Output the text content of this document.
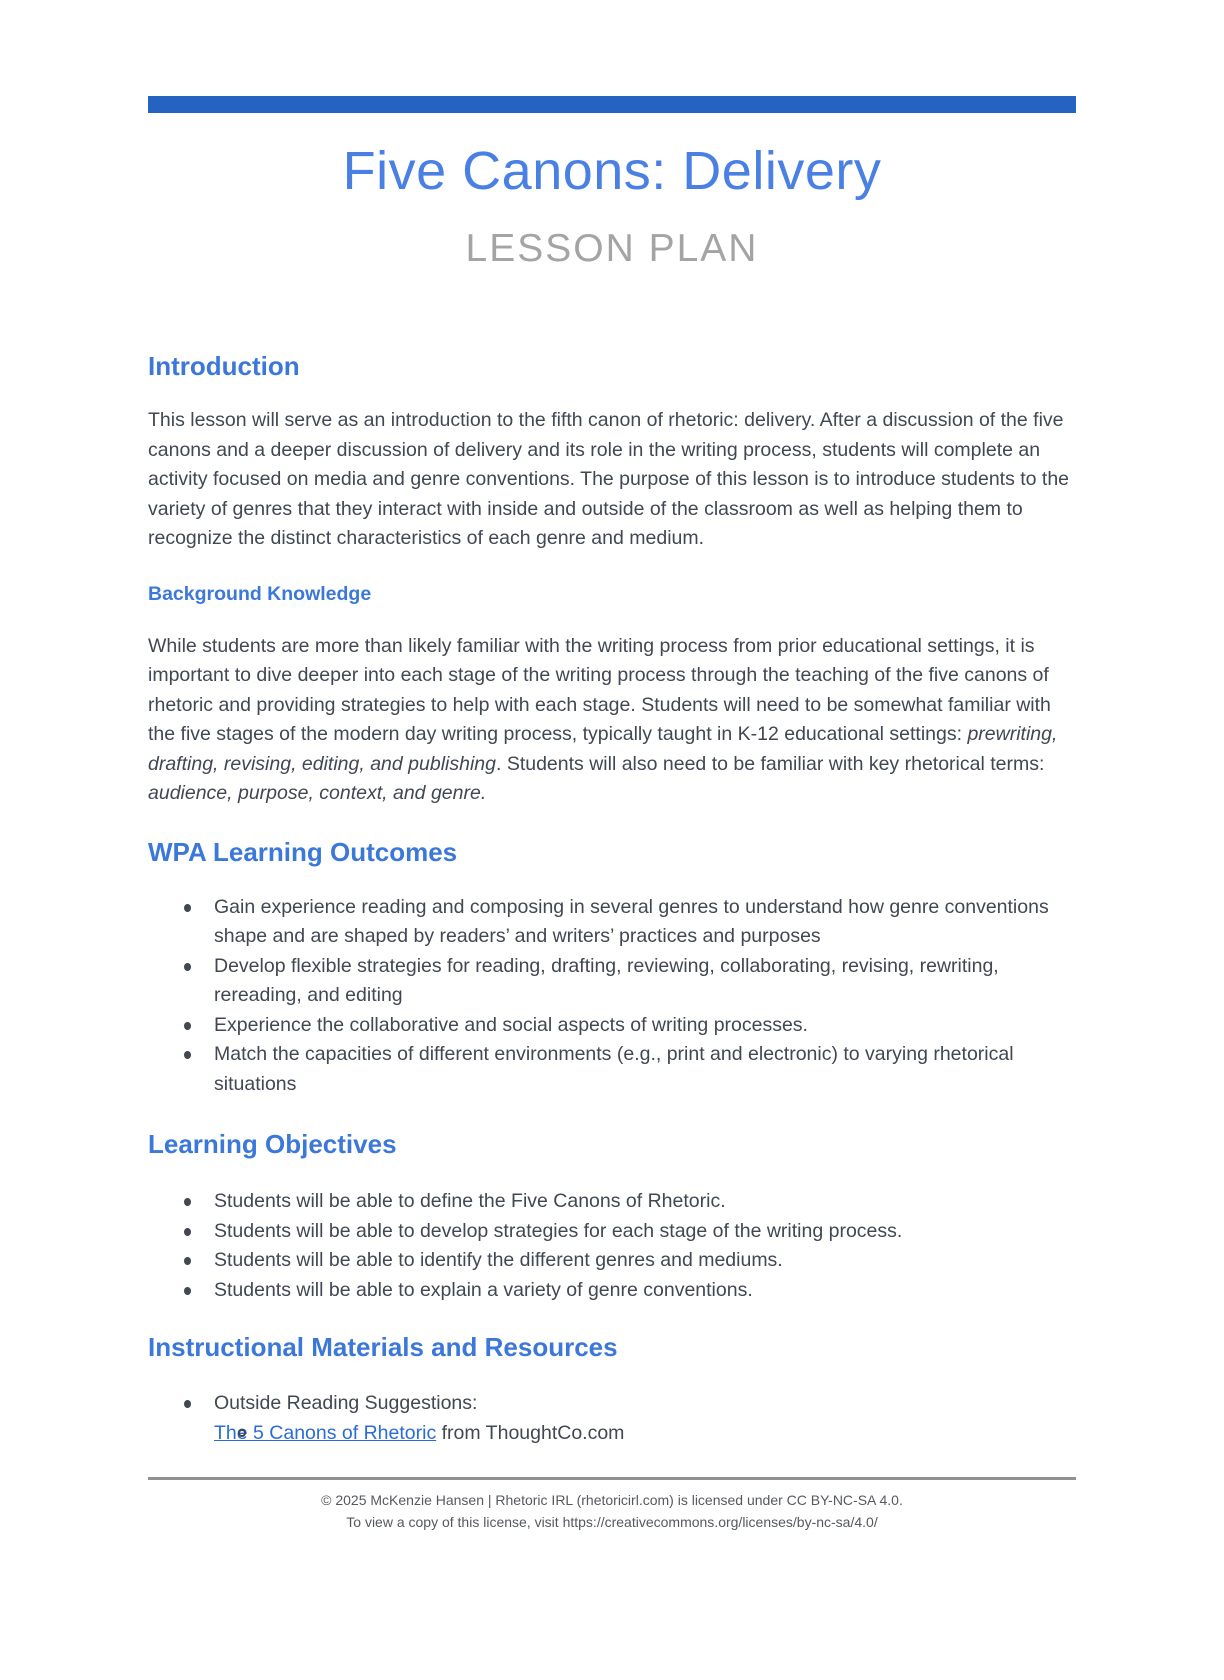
Five Canons: Delivery
LESSON PLAN
Introduction

This lesson will serve as an introduction to the fifth canon of rhetoric: delivery. After a discussion of the five canons and a deeper discussion of delivery and its role in the writing process, students will complete an activity focused on media and genre conventions. The purpose of this lesson is to introduce students to the variety of genres that they interact with inside and outside of the classroom as well as helping them to recognize the distinct characteristics of each genre and medium.

Background Knowledge

While students are more than likely familiar with the writing process from prior educational settings, it is important to dive deeper into each stage of the writing process through the teaching of the five canons of rhetoric and providing strategies to help with each stage. Students will need to be somewhat familiar with the five stages of the modern day writing process, typically taught in K-12 educational settings: prewriting, drafting, revising, editing, and publishing. Students will also need to be familiar with key rhetorical terms: audience, purpose, context, and genre.

WPA Learning Outcomes
Gain experience reading and composing in several genres to understand how genre conventions shape and are shaped by readers’ and writers’ practices and purposes
Develop flexible strategies for reading, drafting, reviewing, collaborating, revising, rewriting, rereading, and editing
Experience the collaborative and social aspects of writing processes.
Match the capacities of different environments (e.g., print and electronic) to varying rhetorical situations
Learning Objectives
Students will be able to define the Five Canons of Rhetoric.
Students will be able to develop strategies for each stage of the writing process.
Students will be able to identify the different genres and mediums.
Students will be able to explain a variety of genre conventions.
Instructional Materials and Resources
Outside Reading Suggestions:
The 5 Canons of Rhetoric from ThoughtCo.com
© 2025 McKenzie Hansen | Rhetoric IRL (rhetoricirl.com) is licensed under CC BY-NC-SA 4.0.
To view a copy of this license, visit https://creativecommons.org/licenses/by-nc-sa/4.0/
